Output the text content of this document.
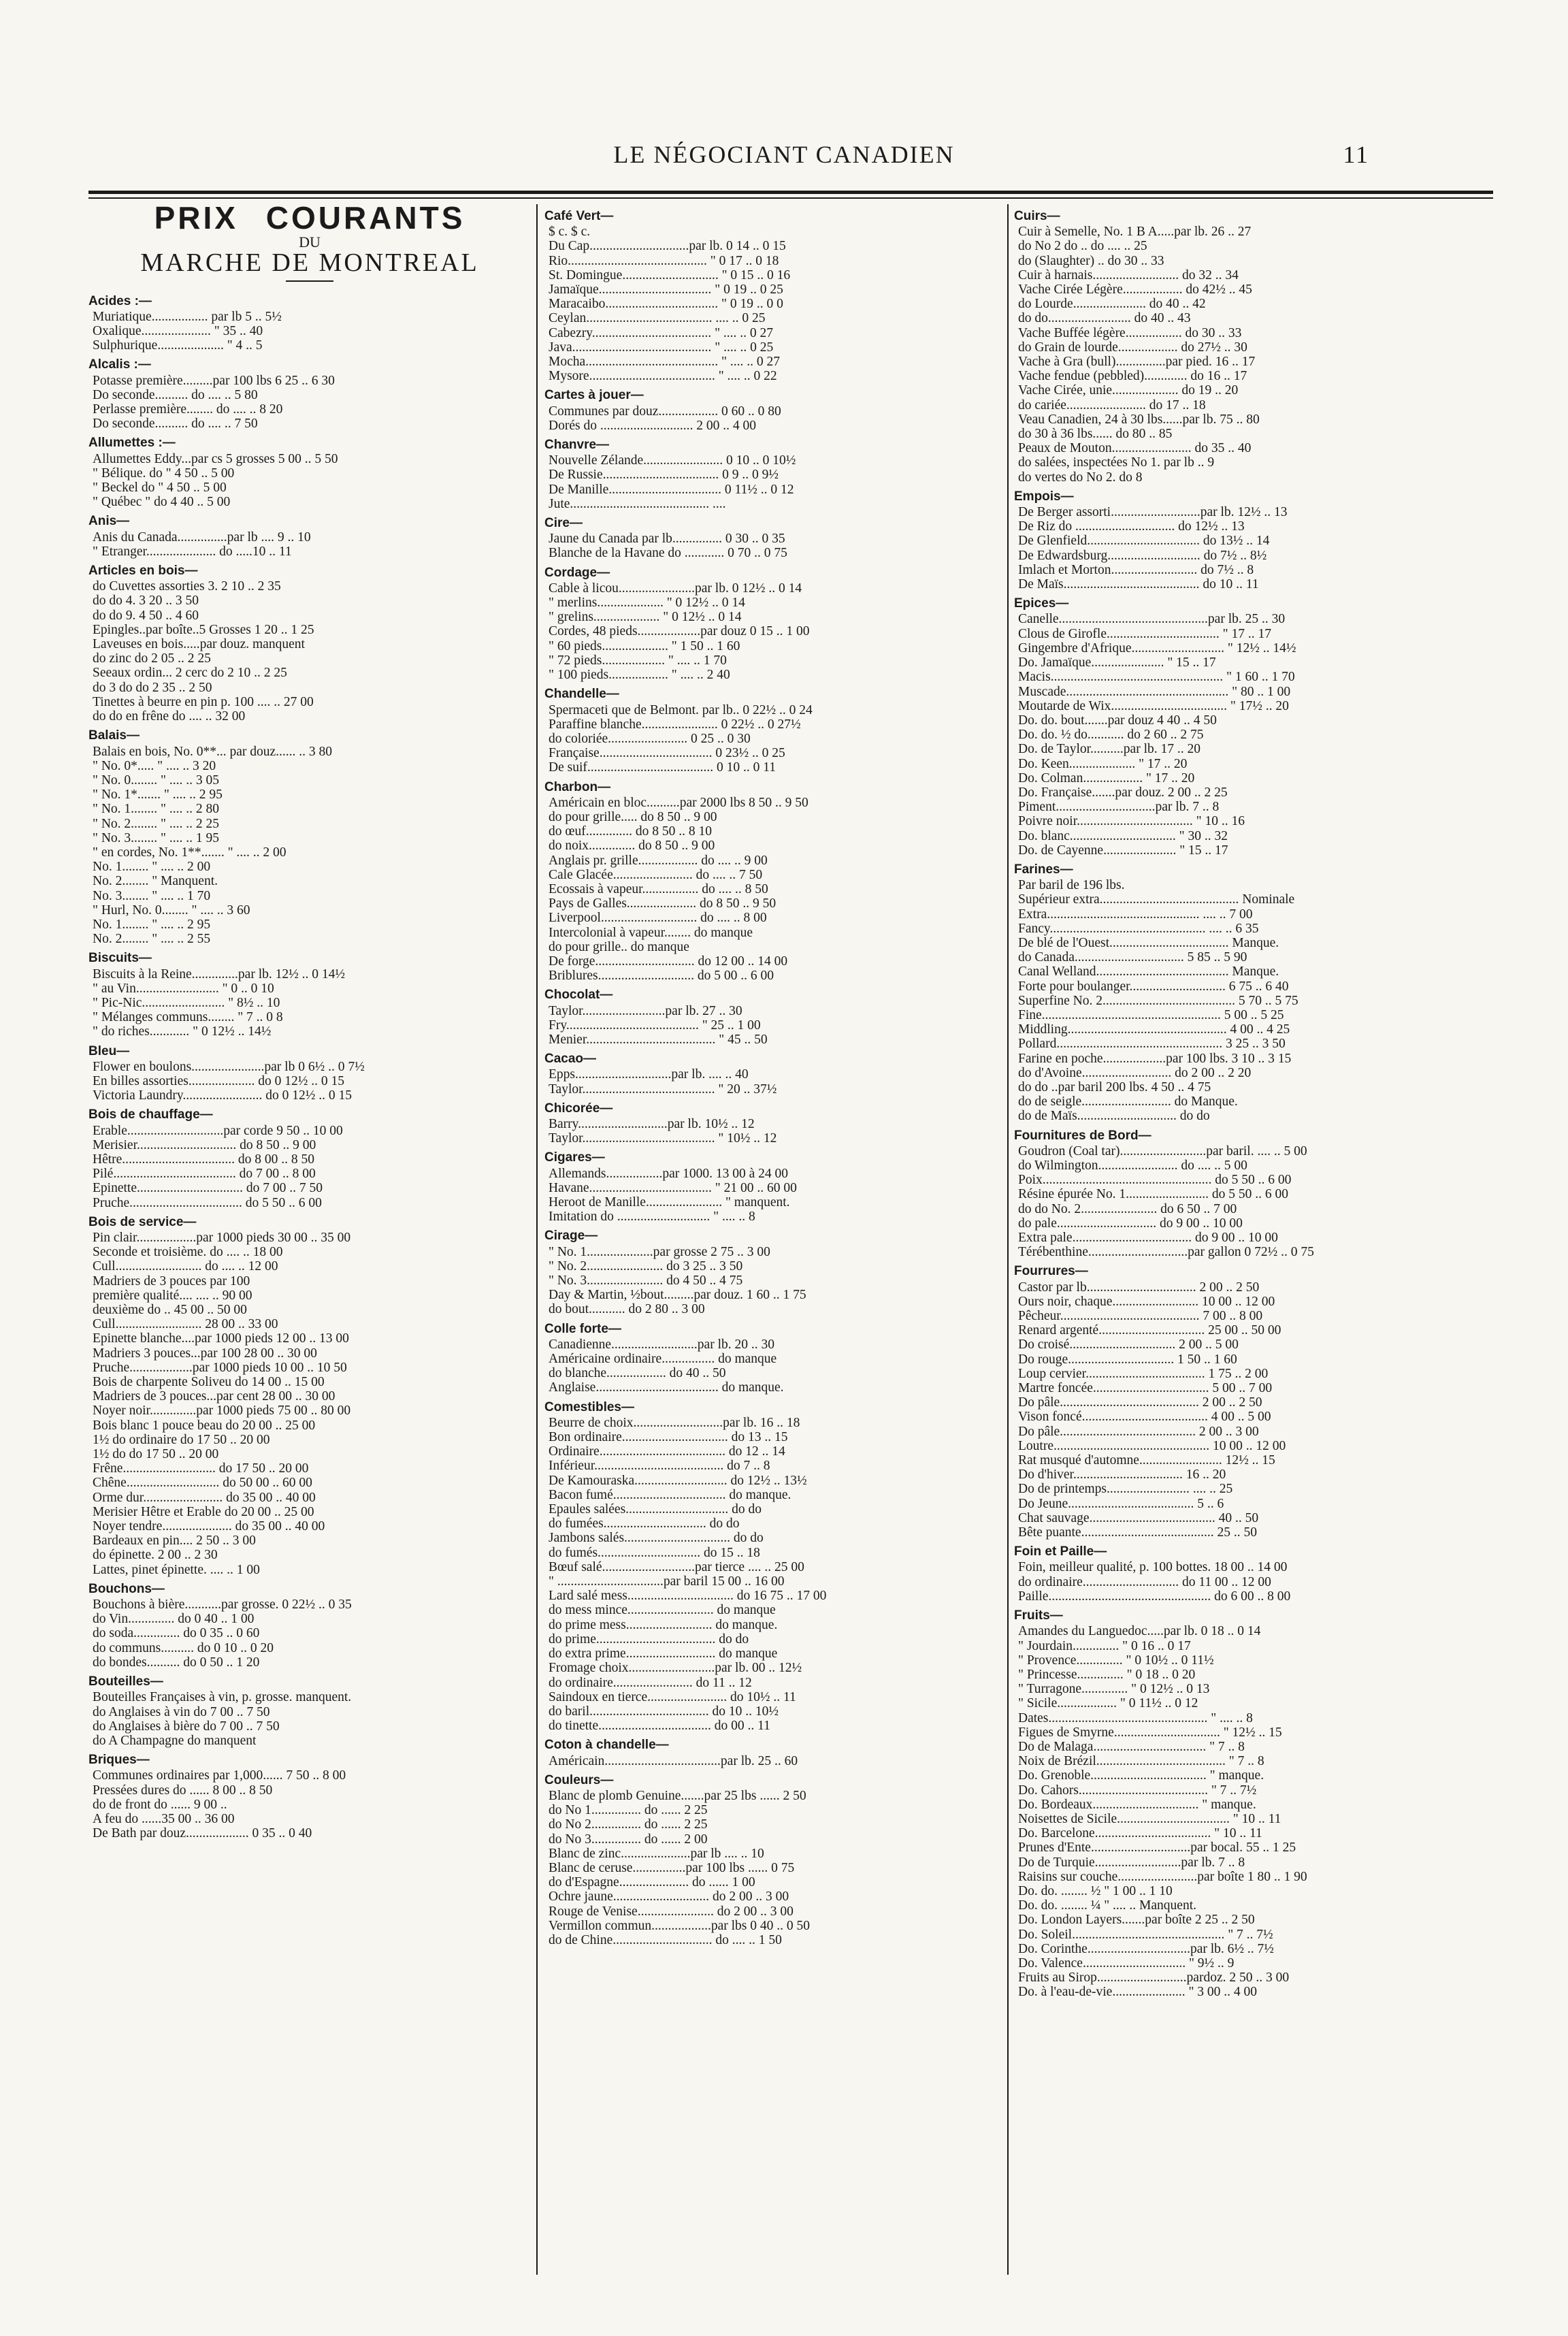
LE NÉGOCIANT CANADIEN	11
PRIX COURANTS
DU
MARCHE DE MONTREAL
Acides :—
Muriatique................. par lb 5 .. 5½
Oxalique..................... " 35 .. 40
Sulphurique.................... " 4 .. 5
Alcalis :—
Potasse première.........par 100 lbs 6 25 .. 6 30
Do seconde.......... do .... .. 5 80
Perlasse première........ do .... .. 8 20
Do seconde.......... do .... .. 7 50
Allumettes :—
Allumettes Eddy...par cs 5 grosses 5 00 .. 5 50
" Bélique. do " 4 50 .. 5 00
" Beckel do " 4 50 .. 5 00
" Québec " do 4 40 .. 5 00
Anis—
Anis du Canada...............par lb .... 9 .. 10
" Etranger..................... do .....10 .. 11
Articles en bois—
do Cuvettes assorties 3. 2 10 .. 2 35
do do 4. 3 20 .. 3 50
do do 9. 4 50 .. 4 60
Epingles..par boîte..5 Grosses 1 20 .. 1 25
Laveuses en bois.....par douz. manquent
do zinc do 2 05 .. 2 25
Seeaux ordin... 2 cerc do 2 10 .. 2 25
do 3 do do 2 35 .. 2 50
Tinettes à beurre en pin p. 100 .... .. 27 00
do do en frêne do .... .. 32 00
Balais—
Balais en bois, No. 0**... par douz...... .. 3 80
" No. 0*..... " .... .. 3 20
" No. 0........ " .... .. 3 05
" No. 1*....... " .... .. 2 95
" No. 1........ " .... .. 2 80
" No. 2........ " .... .. 2 25
" No. 3........ " .... .. 1 95
" en cordes, No. 1**....... " .... .. 2 00
No. 1........ " .... .. 2 00
No. 2........ " Manquent.
No. 3........ " .... .. 1 70
" Hurl, No. 0........ " .... .. 3 60
No. 1........ " .... .. 2 95
No. 2........ " .... .. 2 55
Biscuits—
Biscuits à la Reine..............par lb. 12½ .. 0 14½
" au Vin......................... " 0 .. 0 10
" Pic-Nic......................... " 8½ .. 10
" Mélanges communs........ " 7 .. 0 8
" do riches............ " 0 12½ .. 14½
Bleu—
Flower en boulons......................par lb 0 6½ .. 0 7½
En billes assorties.................... do 0 12½ .. 0 15
Victoria Laundry........................ do 0 12½ .. 0 15
Bois de chauffage—
Erable.............................par corde 9 50 .. 10 00
Merisier.............................. do 8 50 .. 9 00
Hêtre.................................. do 8 00 .. 8 50
Pilé..................................... do 7 00 .. 8 00
Epinette................................ do 7 00 .. 7 50
Pruche.................................. do 5 50 .. 6 00
Bois de service—
Pin clair..................par 1000 pieds 30 00 .. 35 00
Seconde et troisième. do .... .. 18 00
Cull.......................... do .... .. 12 00
Madriers de 3 pouces par 100
première qualité.... .... .. 90 00
deuxième do .. 45 00 .. 50 00
Cull.......................... 28 00 .. 33 00
Epinette blanche....par 1000 pieds 12 00 .. 13 00
Madriers 3 pouces...par 100 28 00 .. 30 00
Pruche...................par 1000 pieds 10 00 .. 10 50
Bois de charpente Soliveu do 14 00 .. 15 00
Madriers de 3 pouces...par cent 28 00 .. 30 00
Noyer noir..............par 1000 pieds 75 00 .. 80 00
Bois blanc 1 pouce beau do 20 00 .. 25 00
1½ do ordinaire do 17 50 .. 20 00
1½ do do 17 50 .. 20 00
Frêne............................ do 17 50 .. 20 00
Chêne............................ do 50 00 .. 60 00
Orme dur........................ do 35 00 .. 40 00
Merisier Hêtre et Erable do 20 00 .. 25 00
Noyer tendre..................... do 35 00 .. 40 00
Bardeaux en pin.... 2 50 .. 3 00
do épinette. 2 00 .. 2 30
Lattes, pinet épinette. .... .. 1 00
Bouchons—
Bouchons à bière...........par grosse. 0 22½ .. 0 35
do Vin.............. do 0 40 .. 1 00
do soda.............. do 0 35 .. 0 60
do communs.......... do 0 10 .. 0 20
do bondes.......... do 0 50 .. 1 20
Bouteilles—
Bouteilles Françaises à vin, p. grosse. manquent.
do Anglaises à vin do 7 00 .. 7 50
do Anglaises à bière do 7 00 .. 7 50
do A Champagne do manquent
Briques—
Communes ordinaires par 1,000...... 7 50 .. 8 00
Pressées dures do ...... 8 00 .. 8 50
do de front do ...... 9 00 ..
A feu do ......35 00 .. 36 00
De Bath par douz................... 0 35 .. 0 40
Café Vert—
$ c. $ c.
Du Cap..............................par lb. 0 14 .. 0 15
Rio.......................................... " 0 17 .. 0 18
St. Domingue............................. " 0 15 .. 0 16
Jamaïque.................................. " 0 19 .. 0 25
Maracaibo.................................. " 0 19 .. 0 0
Ceylan...................................... .... .. 0 25
Cabezry.................................... " .... .. 0 27
Java.......................................... " .... .. 0 25
Mocha........................................ " .... .. 0 27
Mysore...................................... " .... .. 0 22
Cartes à jouer—
Communes par douz.................. 0 60 .. 0 80
Dorés do ............................ 2 00 .. 4 00
Chanvre—
Nouvelle Zélande........................ 0 10 .. 0 10½
De Russie................................... 0 9 .. 0 9½
De Manille.................................. 0 11½ .. 0 12
Jute.......................................... ....
Cire—
Jaune du Canada par lb............... 0 30 .. 0 35
Blanche de la Havane do ............ 0 70 .. 0 75
Cordage—
Cable à licou.......................par lb. 0 12½ .. 0 14
" merlins.................... " 0 12½ .. 0 14
" grelins.................... " 0 12½ .. 0 14
Cordes, 48 pieds...................par douz 0 15 .. 1 00
" 60 pieds.................... " 1 50 .. 1 60
" 72 pieds................... " .... .. 1 70
" 100 pieds.................. " .... .. 2 40
Chandelle—
Spermaceti que de Belmont. par lb.. 0 22½ .. 0 24
Paraffine blanche....................... 0 22½ .. 0 27½
do coloriée........................ 0 25 .. 0 30
Française.................................. 0 23½ .. 0 25
De suif...................................... 0 10 .. 0 11
Charbon—
Américain en bloc..........par 2000 lbs 8 50 .. 9 50
do pour grille..... do 8 50 .. 9 00
do œuf.............. do 8 50 .. 8 10
do noix.............. do 8 50 .. 9 00
Anglais pr. grille.................. do .... .. 9 00
Cale Glacée........................ do .... .. 7 50
Ecossais à vapeur................. do .... .. 8 50
Pays de Galles..................... do 8 50 .. 9 50
Liverpool............................. do .... .. 8 00
Intercolonial à vapeur........ do manque
do pour grille.. do manque
De forge.............................. do 12 00 .. 14 00
Briblures............................. do 5 00 .. 6 00
Chocolat—
Taylor.........................par lb. 27 .. 30
Fry........................................ " 25 .. 1 00
Menier....................................... " 45 .. 50
Cacao—
Epps.............................par lb. .... .. 40
Taylor........................................ " 20 .. 37½
Chicorée—
Barry...........................par lb. 10½ .. 12
Taylor........................................ " 10½ .. 12
Cigares—
Allemands.................par 1000. 13 00 à 24 00
Havane..................................... " 21 00 .. 60 00
Heroot de Manille....................... " manquent.
Imitation do ............................ " .... .. 8
Cirage—
" No. 1....................par grosse 2 75 .. 3 00
" No. 2....................... do 3 25 .. 3 50
" No. 3....................... do 4 50 .. 4 75
Day & Martin, ½bout.........par douz. 1 60 .. 1 75
do bout........... do 2 80 .. 3 00
Colle forte—
Canadienne..........................par lb. 20 .. 30
Américaine ordinaire................ do manque
do blanche.................. do 40 .. 50
Anglaise..................................... do manque.
Comestibles—
Beurre de choix...........................par lb. 16 .. 18
Bon ordinaire................................ do 13 .. 15
Ordinaire...................................... do 12 .. 14
Inférieur....................................... do 7 .. 8
De Kamouraska............................ do 12½ .. 13½
Bacon fumé.................................. do manque.
Epaules salées............................... do do
do fumées............................... do do
Jambons salés................................ do do
do fumés............................... do 15 .. 18
Bœuf salé............................par tierce .... .. 25 00
" ................................par baril 15 00 .. 16 00
Lard salé mess................................ do 16 75 .. 17 00
do mess mince.......................... do manque
do prime mess.......................... do manque.
do prime.................................... do do
do extra prime........................... do manque
Fromage choix..........................par lb. 00 .. 12½
do ordinaire........................ do 11 .. 12
Saindoux en tierce........................ do 10½ .. 11
do baril.................................... do 10 .. 10½
do tinette.................................. do 00 .. 11
Coton à chandelle—
Américain...................................par lb. 25 .. 60
Couleurs—
Blanc de plomb Genuine.......par 25 lbs ...... 2 50
do No 1............... do ...... 2 25
do No 2............... do ...... 2 25
do No 3............... do ...... 2 00
Blanc de zinc.....................par lb .... .. 10
Blanc de ceruse................par 100 lbs ...... 0 75
do d'Espagne..................... do ...... 1 00
Ochre jaune............................. do 2 00 .. 3 00
Rouge de Venise....................... do 2 00 .. 3 00
Vermillon commun..................par lbs 0 40 .. 0 50
do de Chine.............................. do .... .. 1 50
Cuirs—
Cuir à Semelle, No. 1 B A.....par lb. 26 .. 27
do No 2 do .. do .... .. 25
do (Slaughter) .. do 30 .. 33
Cuir à harnais.......................... do 32 .. 34
Vache Cirée Légère.................. do 42½ .. 45
do Lourde...................... do 40 .. 42
do do......................... do 40 .. 43
Vache Buffée légère................. do 30 .. 33
do Grain de lourde.................. do 27½ .. 30
Vache à Gra (bull)...............par pied. 16 .. 17
Vache fendue (pebbled)............. do 16 .. 17
Vache Cirée, unie.................... do 19 .. 20
do cariée........................ do 17 .. 18
Veau Canadien, 24 à 30 lbs......par lb. 75 .. 80
do 30 à 36 lbs...... do 80 .. 85
Peaux de Mouton........................ do 35 .. 40
do salées, inspectées No 1. par lb .. 9
do vertes do No 2. do 8
Empois—
De Berger assorti...........................par lb. 12½ .. 13
De Riz do .............................. do 12½ .. 13
De Glenfield.................................. do 13½ .. 14
De Edwardsburg............................ do 7½ .. 8½
Imlach et Morton.......................... do 7½ .. 8
De Maïs......................................... do 10 .. 11
Epices—
Canelle.............................................par lb. 25 .. 30
Clous de Girofle.................................. " 17 .. 17
Gingembre d'Afrique............................ " 12½ .. 14½
Do. Jamaïque...................... " 15 .. 17
Macis.................................................... " 1 60 .. 1 70
Muscade................................................. " 80 .. 1 00
Moutarde de Wix................................... " 17½ .. 20
Do. do. bout.......par douz 4 40 .. 4 50
Do. do. ½ do........... do 2 60 .. 2 75
Do. de Taylor..........par lb. 17 .. 20
Do. Keen.................... " 17 .. 20
Do. Colman.................. " 17 .. 20
Do. Française.......par douz. 2 00 .. 2 25
Piment..............................par lb. 7 .. 8
Poivre noir................................... " 10 .. 16
Do. blanc................................ " 30 .. 32
Do. de Cayenne...................... " 15 .. 17
Farines—
Par baril de 196 lbs.
Supérieur extra.......................................... Nominale
Extra.............................................. .... .. 7 00
Fancy............................................... .... .. 6 35
De blé de l'Ouest.................................... Manque.
do Canada................................. 5 85 .. 5 90
Canal Welland........................................ Manque.
Forte pour boulanger............................. 6 75 .. 6 40
Superfine No. 2........................................ 5 70 .. 5 75
Fine...................................................... 5 00 .. 5 25
Middling................................................ 4 00 .. 4 25
Pollard.................................................. 3 25 .. 3 50
Farine en poche...................par 100 lbs. 3 10 .. 3 15
do d'Avoine........................... do 2 00 .. 2 20
do do ..par baril 200 lbs. 4 50 .. 4 75
do de seigle........................... do Manque.
do de Maïs.............................. do do
Fournitures de Bord—
Goudron (Coal tar)..........................par baril. .... .. 5 00
do Wilmington........................ do .... .. 5 00
Poix................................................... do 5 50 .. 6 00
Résine épurée No. 1......................... do 5 50 .. 6 00
do do No. 2....................... do 6 50 .. 7 00
do pale.............................. do 9 00 .. 10 00
Extra pale.................................... do 9 00 .. 10 00
Térébenthine..............................par gallon 0 72½ .. 0 75
Fourrures—
Castor par lb................................. 2 00 .. 2 50
Ours noir, chaque.......................... 10 00 .. 12 00
Pêcheur.......................................... 7 00 .. 8 00
Renard argenté................................ 25 00 .. 50 00
Do croisé................................ 2 00 .. 5 00
Do rouge................................ 1 50 .. 1 60
Loup cervier.................................... 1 75 .. 2 00
Martre foncée................................... 5 00 .. 7 00
Do pâle.......................................... 2 00 .. 2 50
Vison foncé...................................... 4 00 .. 5 00
Do pâle......................................... 2 00 .. 3 00
Loutre............................................... 10 00 .. 12 00
Rat musqué d'automne......................... 12½ .. 15
Do d'hiver................................. 16 .. 20
Do de printemps......................... .... .. 25
Do Jeune...................................... 5 .. 6
Chat sauvage...................................... 40 .. 50
Bête puante........................................ 25 .. 50
Foin et Paille—
Foin, meilleur qualité, p. 100 bottes. 18 00 .. 14 00
do ordinaire............................. do 11 00 .. 12 00
Paille................................................. do 6 00 .. 8 00
Fruits—
Amandes du Languedoc.....par lb. 0 18 .. 0 14
" Jourdain.............. " 0 16 .. 0 17
" Provence.............. " 0 10½ .. 0 11½
" Princesse.............. " 0 18 .. 0 20
" Turragone.............. " 0 12½ .. 0 13
" Sicile.................. " 0 11½ .. 0 12
Dates................................................ " .... .. 8
Figues de Smyrne................................ " 12½ .. 15
Do de Malaga.................................. " 7 .. 8
Noix de Brézil....................................... " 7 .. 8
Do. Grenoble................................... " manque.
Do. Cahors....................................... " 7 .. 7½
Do. Bordeaux................................ " manque.
Noisettes de Sicile.................................. " 10 .. 11
Do. Barcelone................................... " 10 .. 11
Prunes d'Ente..............................par bocal. 55 .. 1 25
Do de Turquie..........................par lb. 7 .. 8
Raisins sur couche........................par boîte 1 80 .. 1 90
Do. do. ........ ½ " 1 00 .. 1 10
Do. do. ........ ¼ " .... .. Manquent.
Do. London Layers.......par boîte 2 25 .. 2 50
Do. Soleil.............................................. " 7 .. 7½
Do. Corinthe...............................par lb. 6½ .. 7½
Do. Valence............................... " 9½ .. 9
Fruits au Sirop...........................pardoz. 2 50 .. 3 00
Do. à l'eau-de-vie...................... " 3 00 .. 4 00
